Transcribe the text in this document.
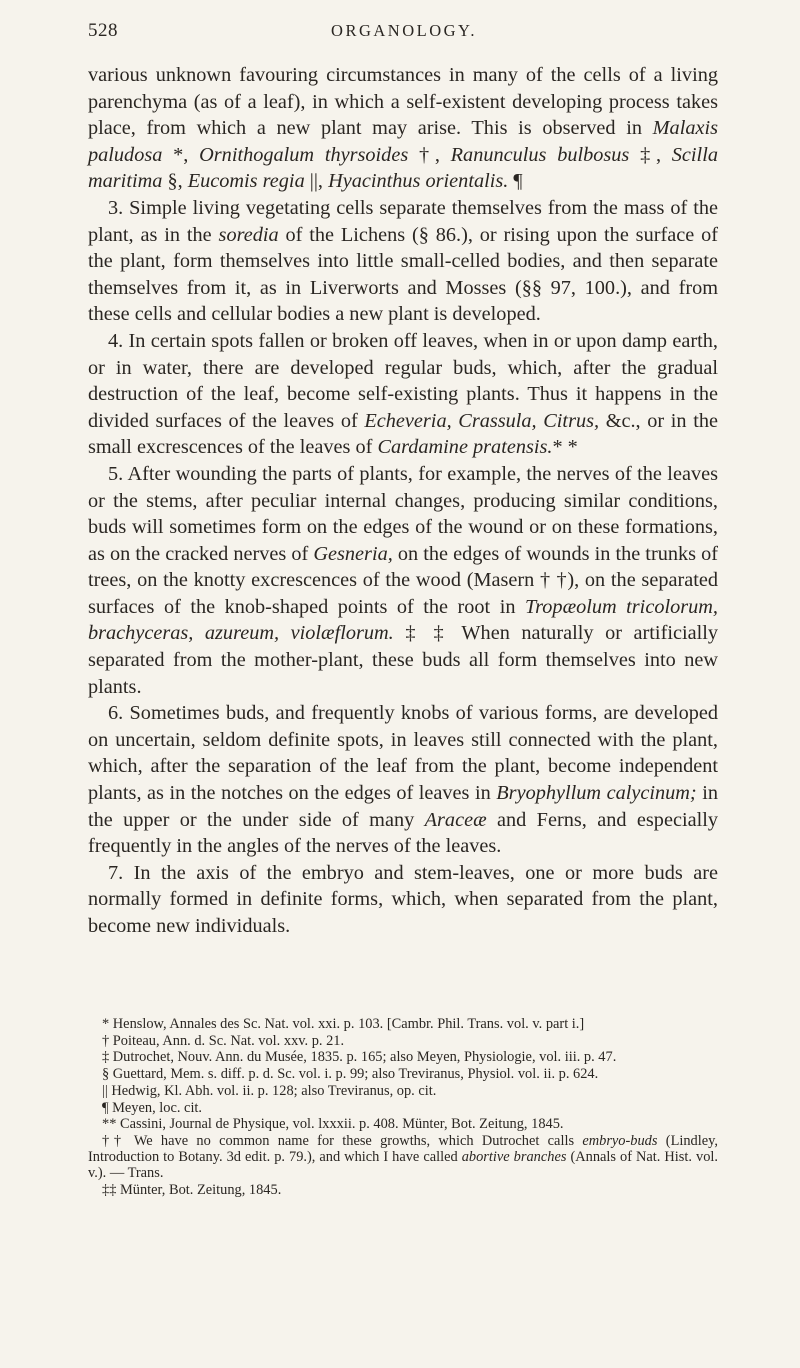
528	ORGANOLOGY.

various unknown favouring circumstances in many of the cells of a living parenchyma (as of a leaf), in which a self-existent developing process takes place, from which a new plant may arise. This is observed in Malaxis paludosa *, Ornithogalum thyrsoides †, Ranunculus bulbosus ‡, Scilla maritima §, Eucomis regia ||, Hyacinthus orientalis. ¶

3. Simple living vegetating cells separate themselves from the mass of the plant, as in the soredia of the Lichens (§ 86.), or rising upon the surface of the plant, form themselves into little small-celled bodies, and then separate themselves from it, as in Liverworts and Mosses (§§ 97, 100.), and from these cells and cellular bodies a new plant is developed.

4. In certain spots fallen or broken off leaves, when in or upon damp earth, or in water, there are developed regular buds, which, after the gradual destruction of the leaf, become self-existing plants. Thus it happens in the divided surfaces of the leaves of Echeveria, Crassula, Citrus, &c., or in the small excrescences of the leaves of Cardamine pratensis.* *

5. After wounding the parts of plants, for example, the nerves of the leaves or the stems, after peculiar internal changes, producing similar conditions, buds will sometimes form on the edges of the wound or on these formations, as on the cracked nerves of Gesneria, on the edges of wounds in the trunks of trees, on the knotty excrescences of the wood (Masern † †), on the separated surfaces of the knob-shaped points of the root in Tropæolum tricolorum, brachyceras, azureum, violæflorum. ‡ ‡ When naturally or artificially separated from the mother-plant, these buds all form themselves into new plants.

6. Sometimes buds, and frequently knobs of various forms, are developed on uncertain, seldom definite spots, in leaves still connected with the plant, which, after the separation of the leaf from the plant, become independent plants, as in the notches on the edges of leaves in Bryophyllum calycinum; in the upper or the under side of many Araceæ and Ferns, and especially frequently in the angles of the nerves of the leaves.

7. In the axis of the embryo and stem-leaves, one or more buds are normally formed in definite forms, which, when separated from the plant, become new individuals.

* Henslow, Annales des Sc. Nat. vol. xxi. p. 103. [Cambr. Phil. Trans. vol. v. part i.]

† Poiteau, Ann. d. Sc. Nat. vol. xxv. p. 21.

‡ Dutrochet, Nouv. Ann. du Musée, 1835. p. 165; also Meyen, Physiologie, vol. iii. p. 47.

§ Guettard, Mem. s. diff. p. d. Sc. vol. i. p. 99; also Treviranus, Physiol. vol. ii. p. 624.

|| Hedwig, Kl. Abh. vol. ii. p. 128; also Treviranus, op. cit.

¶ Meyen, loc. cit.

** Cassini, Journal de Physique, vol. lxxxii. p. 408. Münter, Bot. Zeitung, 1845.

†† We have no common name for these growths, which Dutrochet calls embryo-buds (Lindley, Introduction to Botany. 3d edit. p. 79.), and which I have called abortive branches (Annals of Nat. Hist. vol. v.). — Trans.

‡‡ Münter, Bot. Zeitung, 1845.
